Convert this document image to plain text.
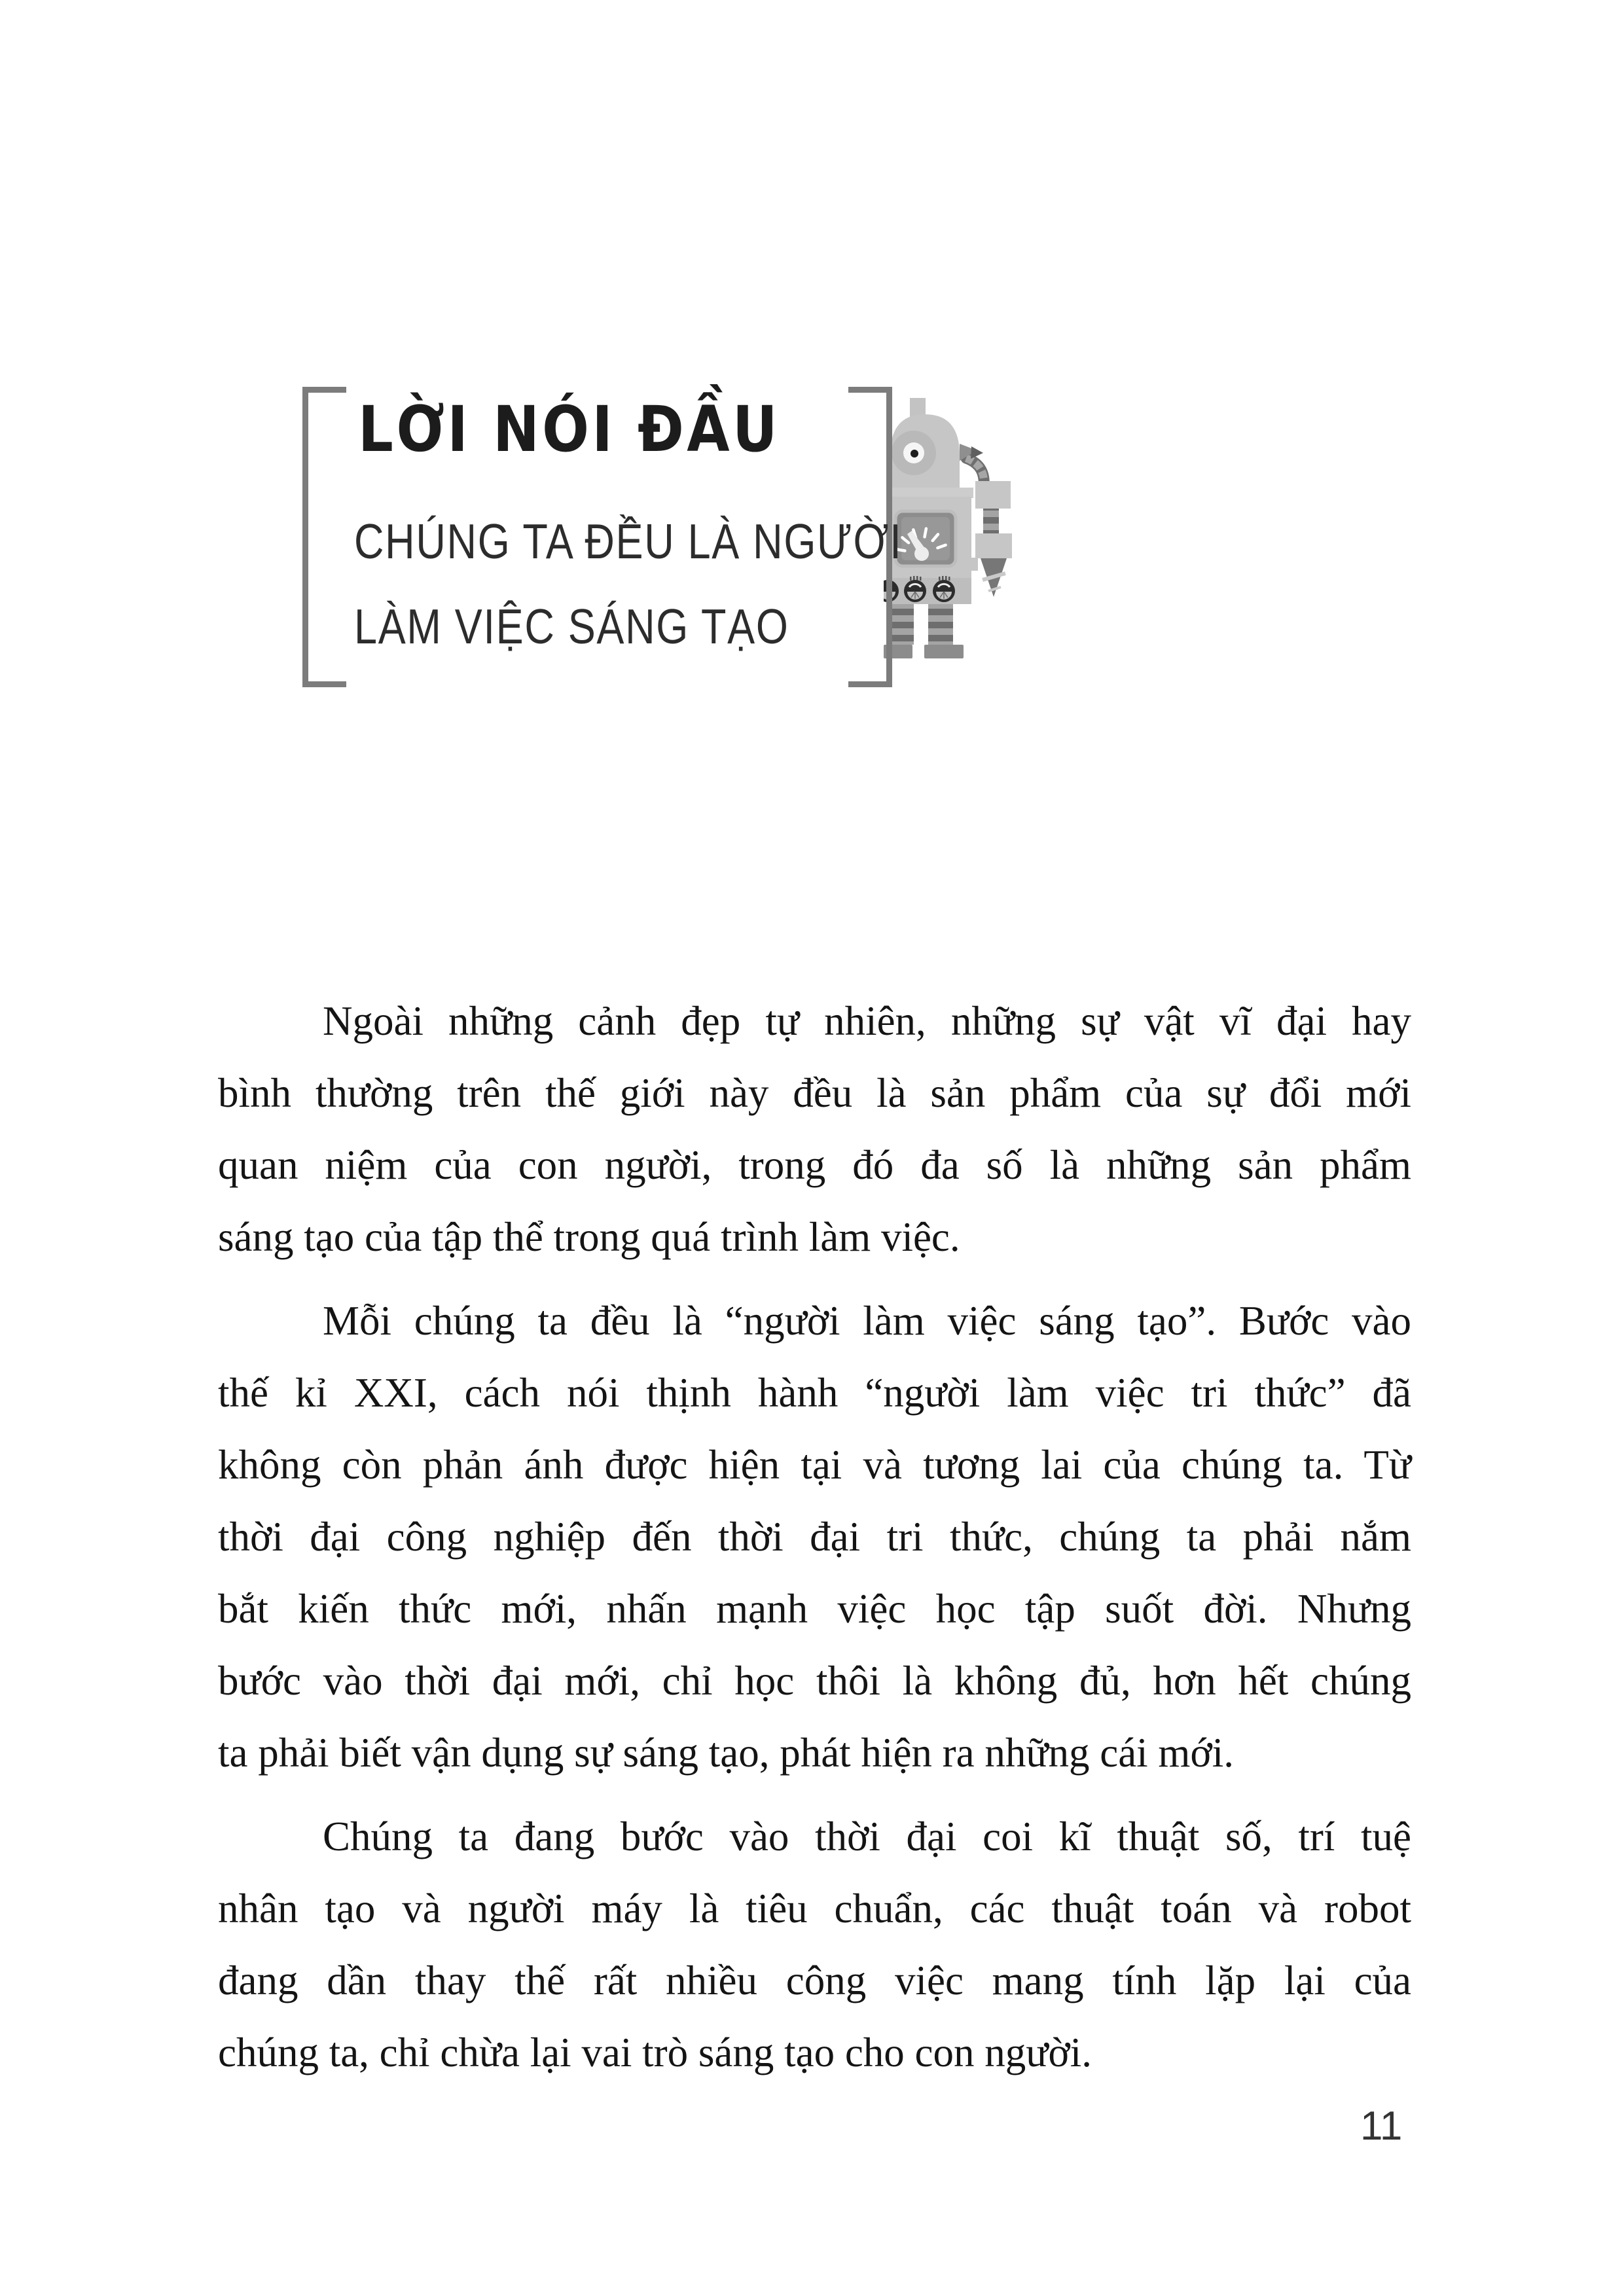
LỜI NÓI ĐẦU
CHÚNG TA ĐỀU LÀ NGƯỜI
LÀM VIỆC SÁNG TẠO
Ngoài những cảnh đẹp tự nhiên, những sự vật vĩ đại hay
bình thường trên thế giới này đều là sản phẩm của sự đổi mới
quan niệm của con người, trong đó đa số là những sản phẩm
sáng tạo của tập thể trong quá trình làm việc.
Mỗi chúng ta đều là “người làm việc sáng tạo”. Bước vào
thế kỉ XXI, cách nói thịnh hành “người làm việc tri thức” đã
không còn phản ánh được hiện tại và tương lai của chúng ta. Từ
thời đại công nghiệp đến thời đại tri thức, chúng ta phải nắm
bắt kiến thức mới, nhấn mạnh việc học tập suốt đời. Nhưng
bước vào thời đại mới, chỉ học thôi là không đủ, hơn hết chúng
ta phải biết vận dụng sự sáng tạo, phát hiện ra những cái mới.
Chúng ta đang bước vào thời đại coi kĩ thuật số, trí tuệ
nhân tạo và người máy là tiêu chuẩn, các thuật toán và robot
đang dần thay thế rất nhiều công việc mang tính lặp lại của
chúng ta, chỉ chừa lại vai trò sáng tạo cho con người.
11
